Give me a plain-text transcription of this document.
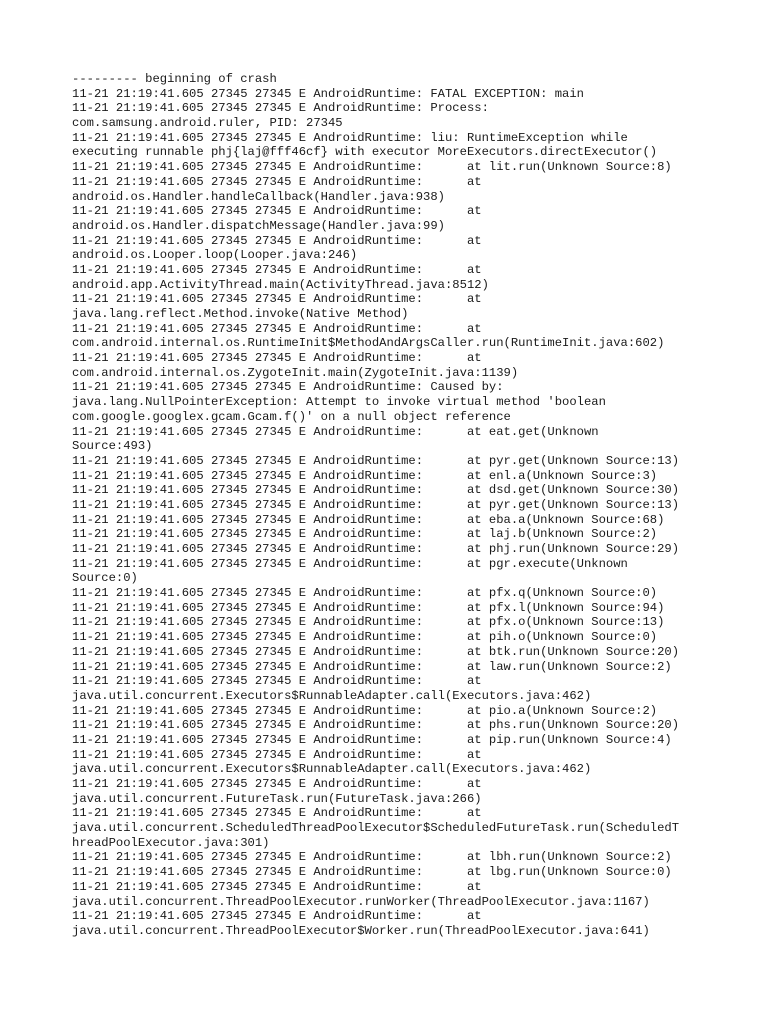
--------- beginning of crash
11-21 21:19:41.605 27345 27345 E AndroidRuntime: FATAL EXCEPTION: main
11-21 21:19:41.605 27345 27345 E AndroidRuntime: Process:
com.samsung.android.ruler, PID: 27345
11-21 21:19:41.605 27345 27345 E AndroidRuntime: liu: RuntimeException while
executing runnable phj{laj@fff46cf} with executor MoreExecutors.directExecutor()
11-21 21:19:41.605 27345 27345 E AndroidRuntime:      at lit.run(Unknown Source:8)
11-21 21:19:41.605 27345 27345 E AndroidRuntime:      at
android.os.Handler.handleCallback(Handler.java:938)
11-21 21:19:41.605 27345 27345 E AndroidRuntime:      at
android.os.Handler.dispatchMessage(Handler.java:99)
11-21 21:19:41.605 27345 27345 E AndroidRuntime:      at
android.os.Looper.loop(Looper.java:246)
11-21 21:19:41.605 27345 27345 E AndroidRuntime:      at
android.app.ActivityThread.main(ActivityThread.java:8512)
11-21 21:19:41.605 27345 27345 E AndroidRuntime:      at
java.lang.reflect.Method.invoke(Native Method)
11-21 21:19:41.605 27345 27345 E AndroidRuntime:      at
com.android.internal.os.RuntimeInit$MethodAndArgsCaller.run(RuntimeInit.java:602)
11-21 21:19:41.605 27345 27345 E AndroidRuntime:      at
com.android.internal.os.ZygoteInit.main(ZygoteInit.java:1139)
11-21 21:19:41.605 27345 27345 E AndroidRuntime: Caused by:
java.lang.NullPointerException: Attempt to invoke virtual method 'boolean
com.google.googlex.gcam.Gcam.f()' on a null object reference
11-21 21:19:41.605 27345 27345 E AndroidRuntime:      at eat.get(Unknown
Source:493)
11-21 21:19:41.605 27345 27345 E AndroidRuntime:      at pyr.get(Unknown Source:13)
11-21 21:19:41.605 27345 27345 E AndroidRuntime:      at enl.a(Unknown Source:3)
11-21 21:19:41.605 27345 27345 E AndroidRuntime:      at dsd.get(Unknown Source:30)
11-21 21:19:41.605 27345 27345 E AndroidRuntime:      at pyr.get(Unknown Source:13)
11-21 21:19:41.605 27345 27345 E AndroidRuntime:      at eba.a(Unknown Source:68)
11-21 21:19:41.605 27345 27345 E AndroidRuntime:      at laj.b(Unknown Source:2)
11-21 21:19:41.605 27345 27345 E AndroidRuntime:      at phj.run(Unknown Source:29)
11-21 21:19:41.605 27345 27345 E AndroidRuntime:      at pgr.execute(Unknown
Source:0)
11-21 21:19:41.605 27345 27345 E AndroidRuntime:      at pfx.q(Unknown Source:0)
11-21 21:19:41.605 27345 27345 E AndroidRuntime:      at pfx.l(Unknown Source:94)
11-21 21:19:41.605 27345 27345 E AndroidRuntime:      at pfx.o(Unknown Source:13)
11-21 21:19:41.605 27345 27345 E AndroidRuntime:      at pih.o(Unknown Source:0)
11-21 21:19:41.605 27345 27345 E AndroidRuntime:      at btk.run(Unknown Source:20)
11-21 21:19:41.605 27345 27345 E AndroidRuntime:      at law.run(Unknown Source:2)
11-21 21:19:41.605 27345 27345 E AndroidRuntime:      at
java.util.concurrent.Executors$RunnableAdapter.call(Executors.java:462)
11-21 21:19:41.605 27345 27345 E AndroidRuntime:      at pio.a(Unknown Source:2)
11-21 21:19:41.605 27345 27345 E AndroidRuntime:      at phs.run(Unknown Source:20)
11-21 21:19:41.605 27345 27345 E AndroidRuntime:      at pip.run(Unknown Source:4)
11-21 21:19:41.605 27345 27345 E AndroidRuntime:      at
java.util.concurrent.Executors$RunnableAdapter.call(Executors.java:462)
11-21 21:19:41.605 27345 27345 E AndroidRuntime:      at
java.util.concurrent.FutureTask.run(FutureTask.java:266)
11-21 21:19:41.605 27345 27345 E AndroidRuntime:      at
java.util.concurrent.ScheduledThreadPoolExecutor$ScheduledFutureTask.run(ScheduledT
hreadPoolExecutor.java:301)
11-21 21:19:41.605 27345 27345 E AndroidRuntime:      at lbh.run(Unknown Source:2)
11-21 21:19:41.605 27345 27345 E AndroidRuntime:      at lbg.run(Unknown Source:0)
11-21 21:19:41.605 27345 27345 E AndroidRuntime:      at
java.util.concurrent.ThreadPoolExecutor.runWorker(ThreadPoolExecutor.java:1167)
11-21 21:19:41.605 27345 27345 E AndroidRuntime:      at
java.util.concurrent.ThreadPoolExecutor$Worker.run(ThreadPoolExecutor.java:641)
